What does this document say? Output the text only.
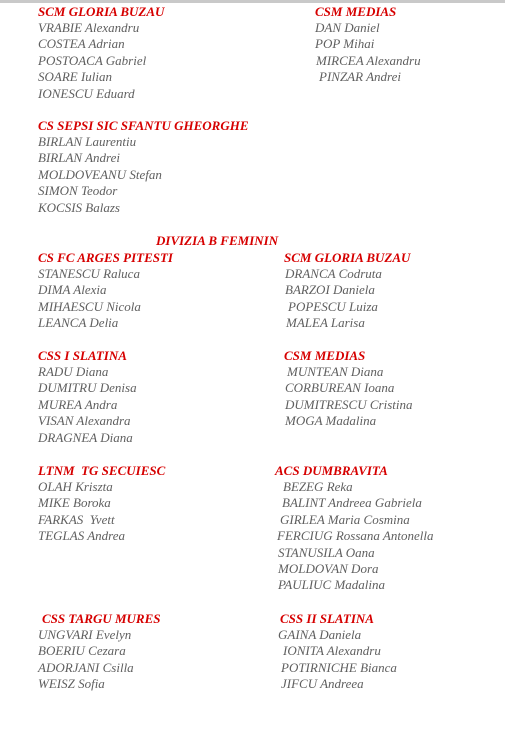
SCM GLORIA BUZAU
VRABIE Alexandru
COSTEA Adrian
POSTOACA Gabriel
SOARE Iulian
IONESCU Eduard
CSM MEDIAS
DAN Daniel
POP Mihai
MIRCEA Alexandru
PINZAR Andrei
CS SEPSI SIC SFANTU GHEORGHE
BIRLAN Laurentiu
BIRLAN Andrei
MOLDOVEANU Stefan
SIMON Teodor
KOCSIS Balazs
DIVIZIA B FEMININ
CS FC ARGES PITESTI
STANESCU Raluca
DIMA Alexia
MIHAESCU Nicola
LEANCA Delia
CSS I SLATINA
RADU Diana
DUMITRU Denisa
MUREA Andra
VISAN Alexandra
DRAGNEA Diana
LTNM  TG SECUIESC
OLAH Kriszta
MIKE Boroka
FARKAS  Yvett
TEGLAS Andrea
CSS TARGU MURES
UNGVARI Evelyn
BOERIU Cezara
ADORJANI Csilla
WEISZ Sofia
SCM GLORIA BUZAU
DRANCA Codruta
BARZOI Daniela
POPESCU Luiza
MALEA Larisa
CSM MEDIAS
MUNTEAN Diana
CORBUREAN Ioana
DUMITRESCU Cristina
MOGA Madalina
ACS DUMBRAVITA
BEZEG Reka
BALINT Andreea Gabriela
GIRLEA Maria Cosmina
FERCIUG Rossana Antonella
STANUSILA Oana
MOLDOVAN Dora
PAULIUC Madalina
CSS II SLATINA
GAINA Daniela
IONITA Alexandru
POTIRNICHE Bianca
JIFCU Andreea
